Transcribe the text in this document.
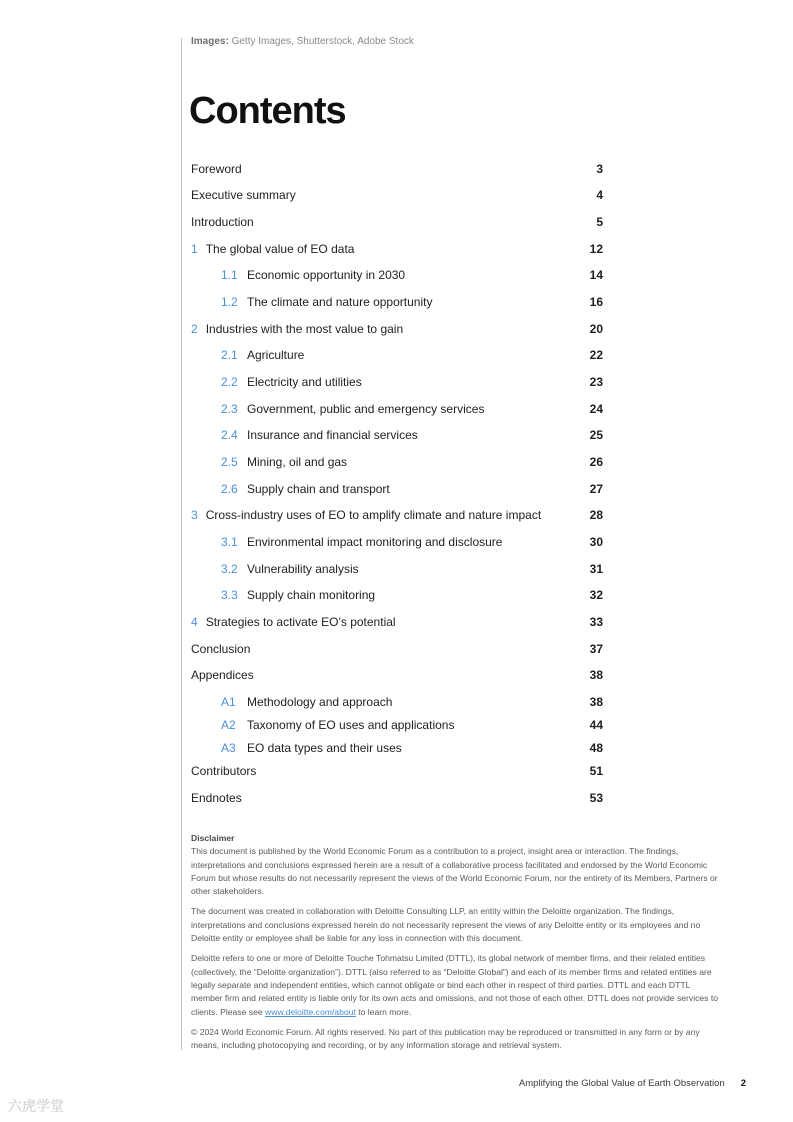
Images: Getty Images, Shutterstock, Adobe Stock
Contents
Foreword	3
Executive summary	4
Introduction	5
1 The global value of EO data	12
1.1 Economic opportunity in 2030	14
1.2 The climate and nature opportunity	16
2 Industries with the most value to gain	20
2.1 Agriculture	22
2.2 Electricity and utilities	23
2.3 Government, public and emergency services	24
2.4 Insurance and financial services	25
2.5 Mining, oil and gas	26
2.6 Supply chain and transport	27
3 Cross-industry uses of EO to amplify climate and nature impact	28
3.1 Environmental impact monitoring and disclosure	30
3.2 Vulnerability analysis	31
3.3 Supply chain monitoring	32
4 Strategies to activate EO’s potential	33
Conclusion	37
Appendices	38
A1 Methodology and approach	38
A2 Taxonomy of EO uses and applications	44
A3 EO data types and their uses	48
Contributors	51
Endnotes	53
Disclaimer

This document is published by the World Economic Forum as a contribution to a project, insight area or interaction. The findings, interpretations and conclusions expressed herein are a result of a collaborative process facilitated and endorsed by the World Economic Forum but whose results do not necessarily represent the views of the World Economic Forum, nor the entirety of its Members, Partners or other stakeholders.

The document was created in collaboration with Deloitte Consulting LLP, an entity within the Deloitte organization. The findings, interpretations and conclusions expressed herein do not necessarily represent the views of any Deloitte entity or its employees and no Deloitte entity or employee shall be liable for any loss in connection with this document.

Deloitte refers to one or more of Deloitte Touche Tohmatsu Limited (DTTL), its global network of member firms, and their related entities (collectively, the “Deloitte organization”). DTTL (also referred to as “Deloitte Global”) and each of its member firms and related entities are legally separate and independent entities, which cannot obligate or bind each other in respect of third parties. DTTL and each DTTL member firm and related entity is liable only for its own acts and omissions, and not those of each other. DTTL does not provide services to clients. Please see www.deloitte.com/about to learn more.

© 2024 World Economic Forum. All rights reserved. No part of this publication may be reproduced or transmitted in any form or by any means, including photocopying and recording, or by any information storage and retrieval system.

Amplifying the Global Value of Earth Observation 2
六虎学堂
